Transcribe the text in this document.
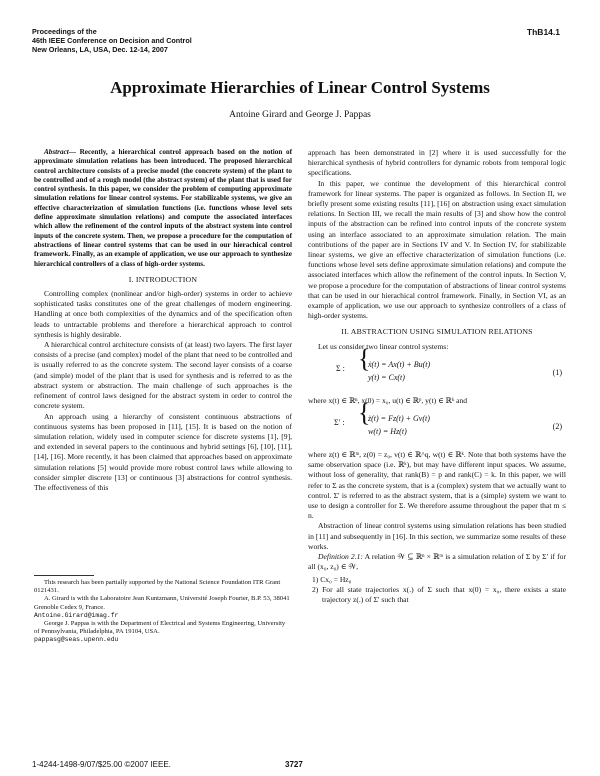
Proceedings of the
46th IEEE Conference on Decision and Control
New Orleans, LA, USA, Dec. 12-14, 2007
ThB14.1
Approximate Hierarchies of Linear Control Systems
Antoine Girard and George J. Pappas

Abstract— Recently, a hierarchical control approach based on the notion of approximate simulation relations has been introduced. The proposed hierarchical control architecture consists of a precise model (the concrete system) of the plant to be controlled and of a rough model (the abstract system) of the plant that is used for control synthesis. In this paper, we consider the problem of computing approximate simulation relations for linear control systems. For stabilizable systems, we give an effective characterization of simulation functions (i.e. functions whose level sets define approximate simulation relations) and compute the associated interfaces which allow the refinement of the control inputs of the abstract system into control inputs of the concrete system. Then, we propose a procedure for the computation of abstractions of linear control systems that can be used in our hierachical control framework. Finally, as an example of application, we use our approach to synthesize hierarchical controllers of a class of high-order systems.

I. INTRODUCTION

Controlling complex (nonlinear and/or high-order) systems in order to achieve sophisticated tasks constitutes one of the great challenges of modern engineering. Handling at once both complexities of the dynamics and of the specification often leads to untractable problems and therefore a hierarchical approach to control synthesis is highly desirable.

A hierarchical control architecture consists of (at least) two layers. The first layer consists of a precise (and complex) model of the plant that need to be controlled and is usually referred to as the concrete system. The second layer consists of a coarse (and simple) model of the plant that is used for synthesis and is referred to as the abstract system or abstraction. The main challenge of such approaches is the refinement of control laws designed for the abstract system in order to control the concrete system.

An approach using a hierarchy of consistent continuous abstractions of continuous systems has been proposed in [11], [15]. It is based on the notion of simulation relation, widely used in computer science for discrete systems [1], [9], and extended in several papers to the continuous and hybrid settings [6], [10], [11], [14], [16]. More recently, it has been claimed that approaches based on approximate simulation relations [5] would provide more robust control laws while allowing to consider simpler discrete [13] or continuous [3] abstractions for control synthesis. The effectiveness of this

This research has been partially supported by the National Science Foundation ITR Grant 0121431.

A. Girard is with the Laboratoire Jean Kuntzmann, Université Joseph Fourier, B.P. 53, 38041 Grenoble Cedex 9, France.
Antoine.Girard@imag.fr

George J. Pappas is with the Department of Electrical and Systems Engineering, University of Pennsylvania, Philadelphia, PA 19104, USA.
pappasg@seas.upenn.edu

approach has been demonstrated in [2] where it is used successfully for the hierarchical synthesis of hybrid controllers for dynamic robots from temporal logic specifications.

In this paper, we continue the development of this hierarchical control framework for linear systems. The paper is organized as follows. In Section II, we briefly present some existing results [11], [16] on abstraction using exact simulation relations. In Section III, we recall the main results of [3] and show how the control inputs of the abstraction can be refined into control inputs of the concrete system using an interface associated to an approximate simulation relation. The main contributions of the paper are in Sections IV and V. In Section IV, for stabilizable linear systems, we give an effective characterization of simulation functions (i.e. functions whose level sets define approximate simulation relations) and compute the associated interfaces which allow the refinement of the control inputs. In Section V, we propose a procedure for the computation of abstractions of linear control systems that can be used in our hierachical control framework. Finally, in Section VI, as an example of application, we use our approach to synthesize controllers of a class of high-order systems.

II. ABSTRACTION USING SIMULATION RELATIONS

Let us consider two linear control systems:

Σ : {
ẋ(t) = Ax(t) + Bu(t)
y(t) = Cx(t)
(1)

where x(t) ∈ ℝⁿ, x(0) = x₀, u(t) ∈ ℝᵖ, y(t) ∈ ℝᵏ and

Σ′ : {
ż(t) = Fz(t) + Gv(t)
w(t) = Hz(t)
(2)

where z(t) ∈ ℝᵐ, z(0) = z₀, v(t) ∈ ℝ^q, w(t) ∈ ℝᵏ. Note that both systems have the same observation space (i.e. ℝᵏ), but may have different input spaces. We assume, without loss of generality, that rank(B) = p and rank(C) = k. In this paper, we will refer to Σ as the concrete system, that is a (complex) system that we actually want to control. Σ′ is referred to as the abstract system, that is a (simple) system we want to use to design a controller for Σ. We therefore assume throughout the paper that m ≤ n.

Abstraction of linear control systems using simulation relations has been studied in [11] and subsequently in [16]. In this section, we summarize some results of these works.

Definition 2.1: A relation 𝒲 ⊆ ℝⁿ × ℝᵐ is a simulation relation of Σ by Σ′ if for all (x₀, z₀) ∈ 𝒲,

1) Cx₀ = Hz₀
2) For all state trajectories x(.) of Σ such that x(0) = x₀, there exists a state trajectory z(.) of Σ′ such that
1-4244-1498-9/07/$25.00 ©2007 IEEE.	3727
